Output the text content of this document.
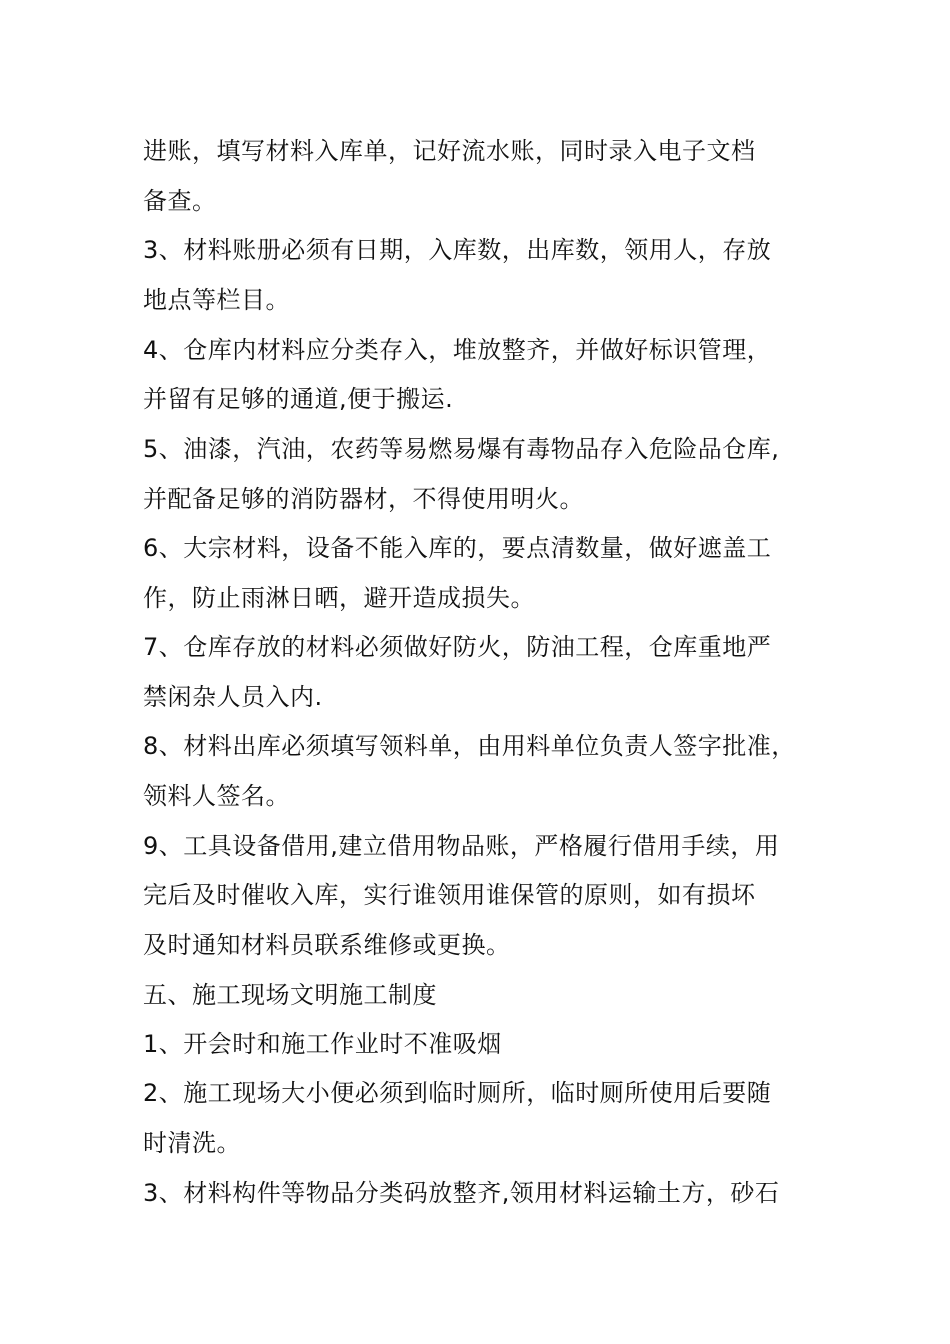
进账，填写材料入库单，记好流水账，同时录入电子文档
备查。
3、材料账册必须有日期，入库数，出库数，领用人，存放
地点等栏目。
4、仓库内材料应分类存入，堆放整齐，并做好标识管理，
并留有足够的通道,便于搬运.
5、油漆，汽油，农药等易燃易爆有毒物品存入危险品仓库,
并配备足够的消防器材，不得使用明火。
6、大宗材料，设备不能入库的，要点清数量，做好遮盖工
作，防止雨淋日晒，避开造成损失。
7、仓库存放的材料必须做好防火，防油工程，仓库重地严
禁闲杂人员入内.
8、材料出库必须填写领料单，由用料单位负责人签字批准，
领料人签名。
9、工具设备借用,建立借用物品账，严格履行借用手续，用
完后及时催收入库，实行谁领用谁保管的原则，如有损坏
及时通知材料员联系维修或更换。
五、施工现场文明施工制度
1、开会时和施工作业时不准吸烟
2、施工现场大小便必须到临时厕所，临时厕所使用后要随
时清洗。
3、材料构件等物品分类码放整齐,领用材料运输土方，砂石
